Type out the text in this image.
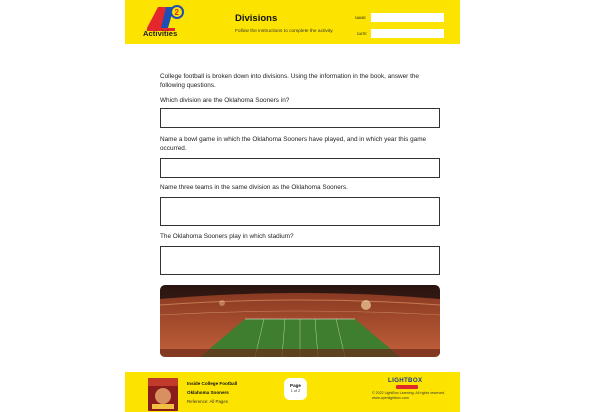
2
Activities
Divisions
Follow the instructions to complete the activity.
NAME
DATE
College football is broken down into divisions. Using the information in the book, answer the following questions.
Which division are the Oklahoma Sooners in?
Name a bowl game in which the Oklahoma Sooners have played, and in which year this game occurred.
Name three teams in the same division as the Oklahoma Sooners.
The Oklahoma Sooners play in which stadium?
Inside College Football
Oklahoma Sooners
Reference: All Pages
Page
1 of 2
LIGHTBOX
© 2022 LightBox Learning. All rights reserved.
www.openlightbox.com
